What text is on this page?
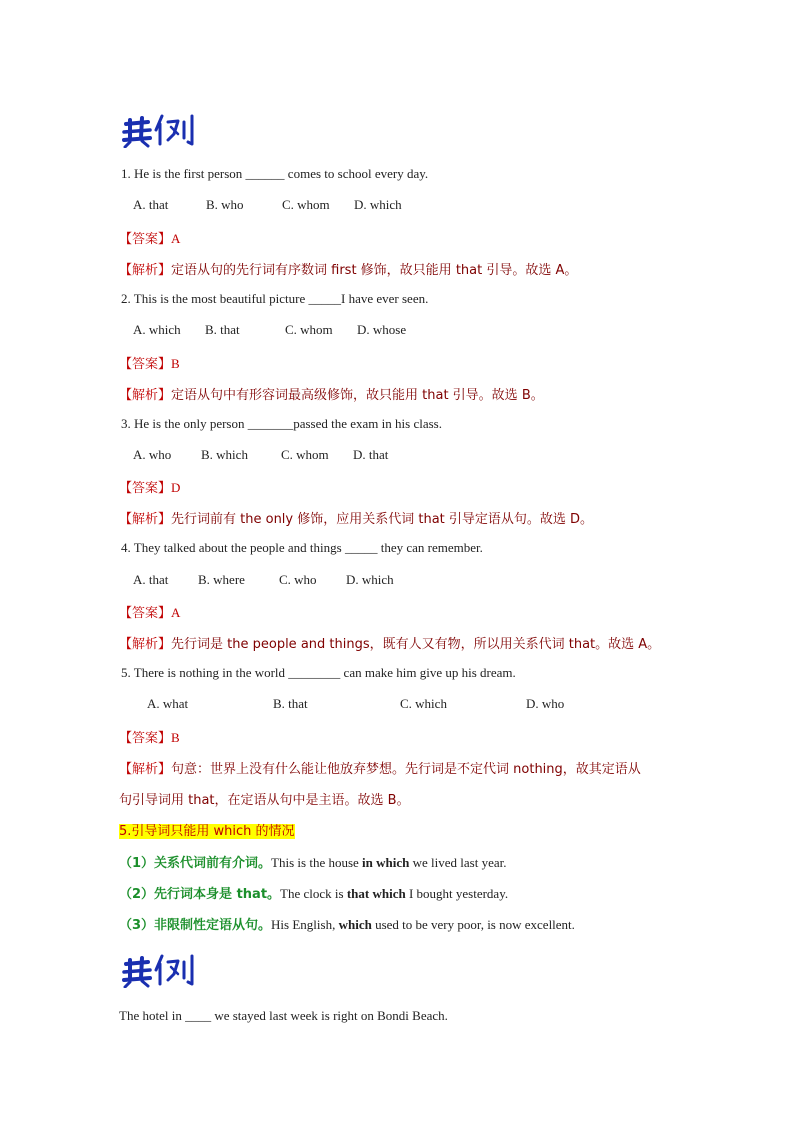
1. He is the first person ______ comes to school every day.
A. that	B. who	C. whom D. which
【答案】A
【解析】定语从句的先行词有序数词 first 修饰，故只能用 that 引导。故选 A。
2. This is the most beautiful picture _____I have ever seen.
A. which B. that	C. whom D. whose
【答案】B
【解析】定语从句中有形容词最高级修饰，故只能用 that 引导。故选 B。
3. He is the only person _______passed the exam in his class.
A. who B. which	C. whom D. that
【答案】D
【解析】先行词前有 the only 修饰，应用关系代词 that 引导定语从句。故选 D。
4. They talked about the people and things _____ they can remember.
A. that B. where	C. who D. which
【答案】A
【解析】先行词是 the people and things，既有人又有物，所以用关系代词 that。故选 A。
5. There is nothing in the world ________ can make him give up his dream.
A. what	B. that	C. which	D. who
【答案】B
【解析】句意：世界上没有什么能让他放弃梦想。先行词是不定代词 nothing，故其定语从
句引导词用 that，在定语从句中是主语。故选 B。
5.引导词只能用 which 的情况
（1）关系代词前有介词。This is the house in which we lived last year.
（2）先行词本身是 that。The clock is that which I bought yesterday.
（3）非限制性定语从句。His English, which used to be very poor, is now excellent.
The hotel in ____ we stayed last week is right on Bondi Beach.
